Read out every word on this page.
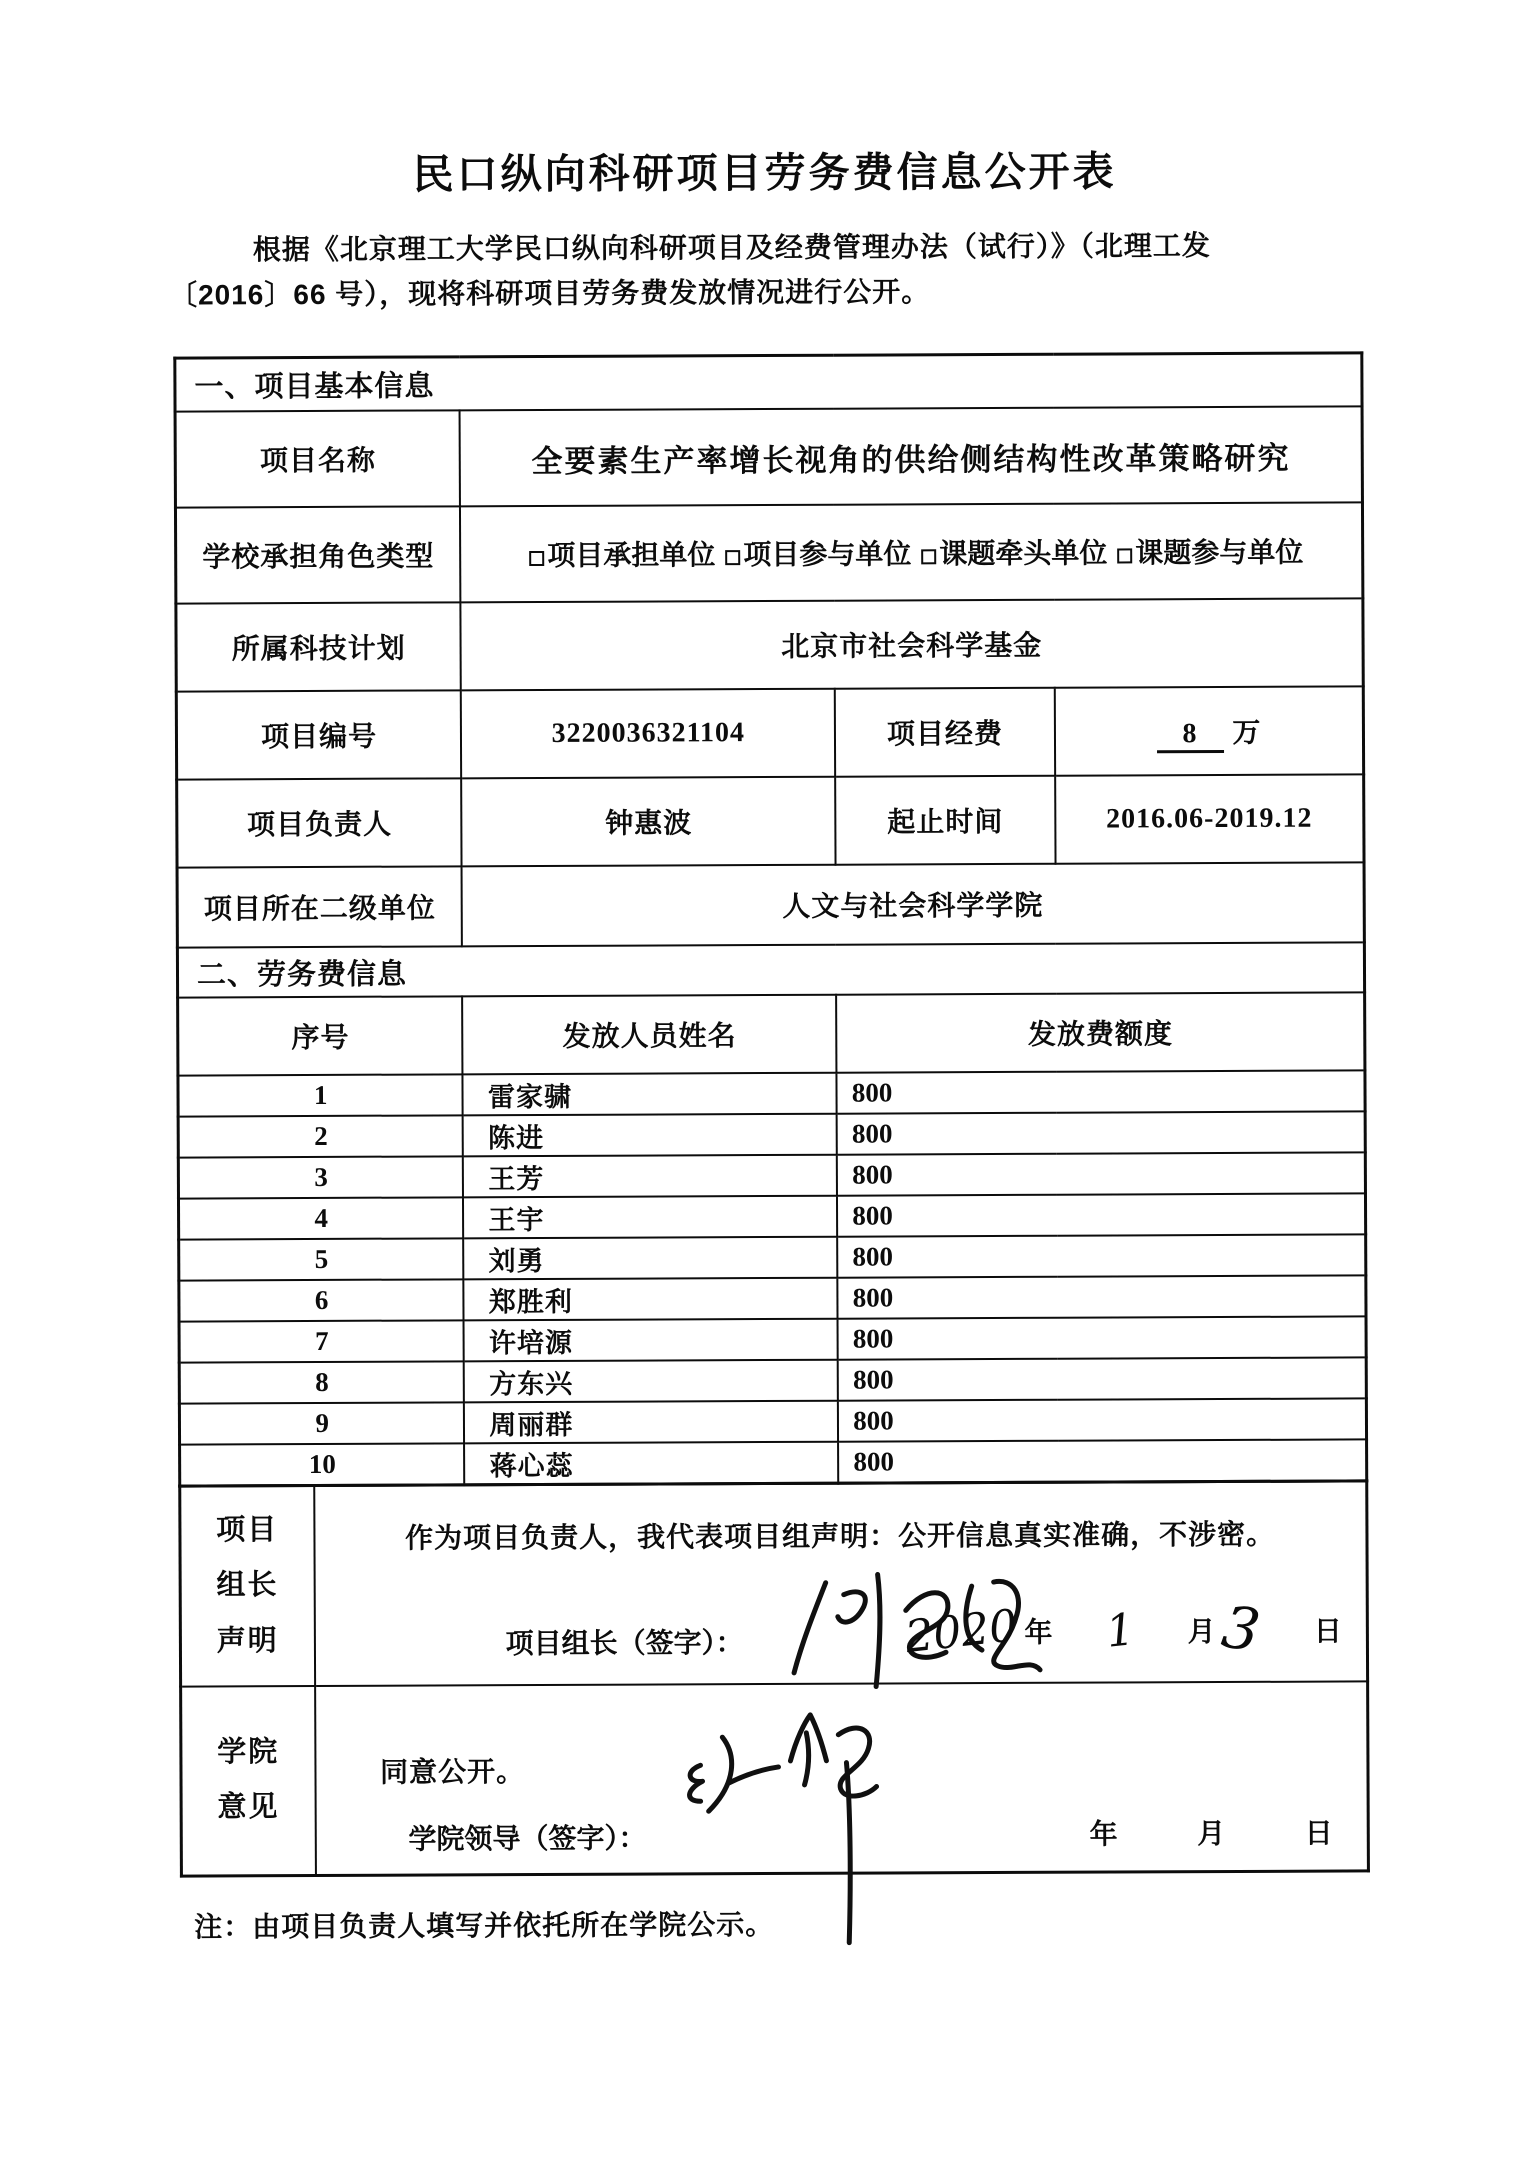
民口纵向科研项目劳务费信息公开表
根据《北京理工大学民口纵向科研项目及经费管理办法（试行）》（北理工发
〔2016〕66 号），现将科研项目劳务费发放情况进行公开。
一、项目基本信息			
项目名称	全要素生产率增长视角的供给侧结构性改革策略研究		
学校承担角色类型	项目承担单位 项目参与单位 课题牵头单位 课题参与单位		
所属科技计划	北京市社会科学基金		
项目编号	3220036321104	项目经费	8 万
项目负责人	钟惠波	起止时间	2016.06-2019.12
项目所在二级单位	人文与社会科学学院		
二、劳务费信息			
序号	发放人员姓名	发放费额度	
1	雷家骕	800	
2	陈进	800	
3	王芳	800	
4	王宇	800	
5	刘勇	800	
6	郑胜利	800	
7	许培源	800	
8	方东兴	800	
9	周丽群	800	
10	蒋心蕊	800	
项目
组长
声明

作为项目负责人，我代表项目组声明：公开信息真实准确，不涉密。
项目组长（签字）：	2020 年 1 月 3 日

学院
意见

同意公开。
学院领导（签字）：	年	月	日
注：由项目负责人填写并依托所在学院公示。
